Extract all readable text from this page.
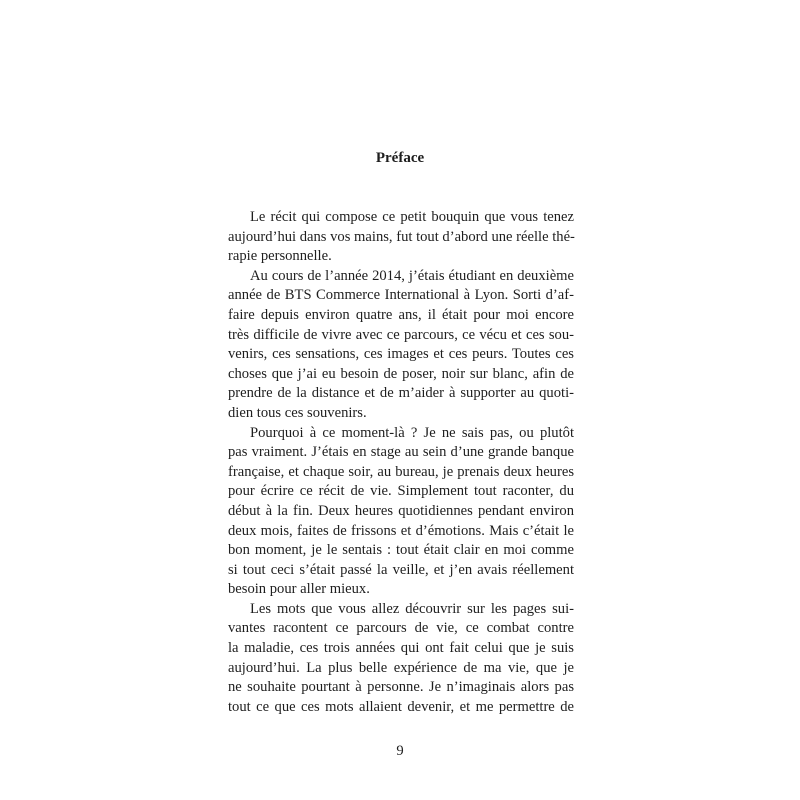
Préface
Le récit qui compose ce petit bouquin que vous tenez
aujourd’hui dans vos mains, fut tout d’abord une réelle thé-
rapie personnelle.
Au cours de l’année 2014, j’étais étudiant en deuxième
année de BTS Commerce International à Lyon. Sorti d’af-
faire depuis environ quatre ans, il était pour moi encore
très difficile de vivre avec ce parcours, ce vécu et ces sou-
venirs, ces sensations, ces images et ces peurs. Toutes ces
choses que j’ai eu besoin de poser, noir sur blanc, afin de
prendre de la distance et de m’aider à supporter au quoti-
dien tous ces souvenirs.
Pourquoi à ce moment-là ? Je ne sais pas, ou plutôt
pas vraiment. J’étais en stage au sein d’une grande banque
française, et chaque soir, au bureau, je prenais deux heures
pour écrire ce récit de vie. Simplement tout raconter, du
début à la fin. Deux heures quotidiennes pendant environ
deux mois, faites de frissons et d’émotions. Mais c’était le
bon moment, je le sentais : tout était clair en moi comme
si tout ceci s’était passé la veille, et j’en avais réellement
besoin pour aller mieux.
Les mots que vous allez découvrir sur les pages sui-
vantes racontent ce parcours de vie, ce combat contre
la maladie, ces trois années qui ont fait celui que je suis
aujourd’hui. La plus belle expérience de ma vie, que je
ne souhaite pourtant à personne. Je n’imaginais alors pas
tout ce que ces mots allaient devenir, et me permettre de
9
